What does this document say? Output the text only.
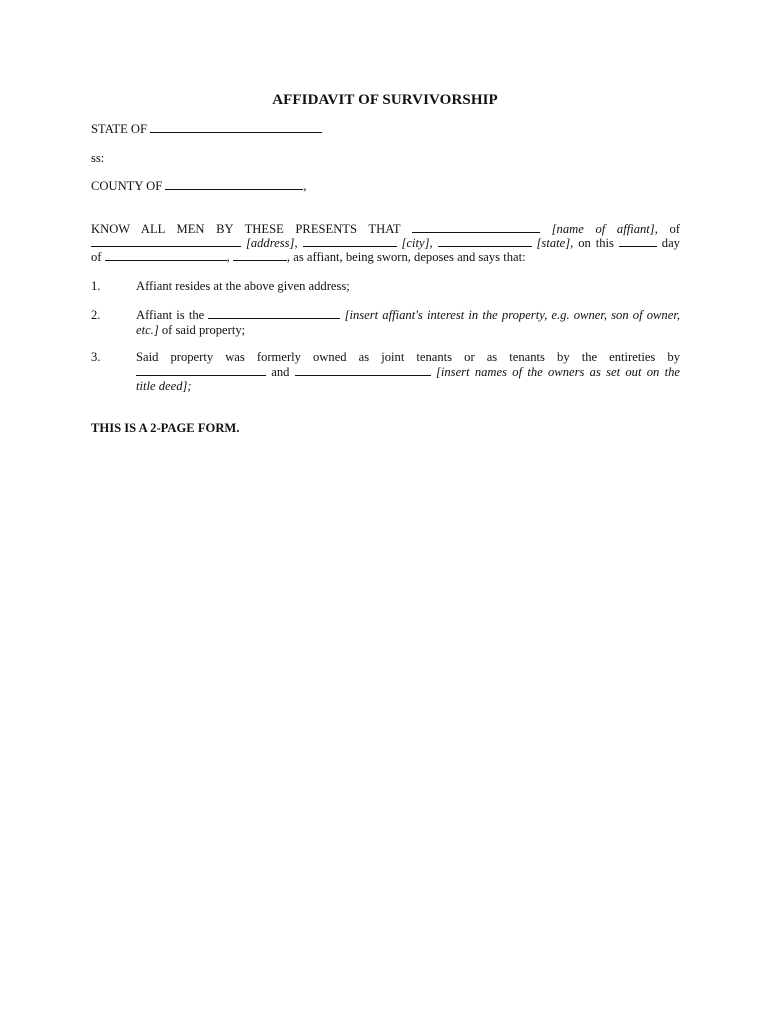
AFFIDAVIT OF SURVIVORSHIP
STATE OF
ss:
COUNTY OF	,
KNOW ALL MEN BY THESE PRESENTS THAT	[name of affiant], of
[address],	[city],	[state], on this	day
of	,	, as affiant, being sworn, deposes and says that:
1.	Affiant resides at the above given address;
2.	Affiant is the	[insert affiant's interest in the property, e.g. owner, son of owner,
etc.] of said property;
3.	Said property was formerly owned as joint tenants or as tenants by the entireties by
and	[insert names of the owners as set out on the
title deed];
THIS IS A 2-PAGE FORM.
